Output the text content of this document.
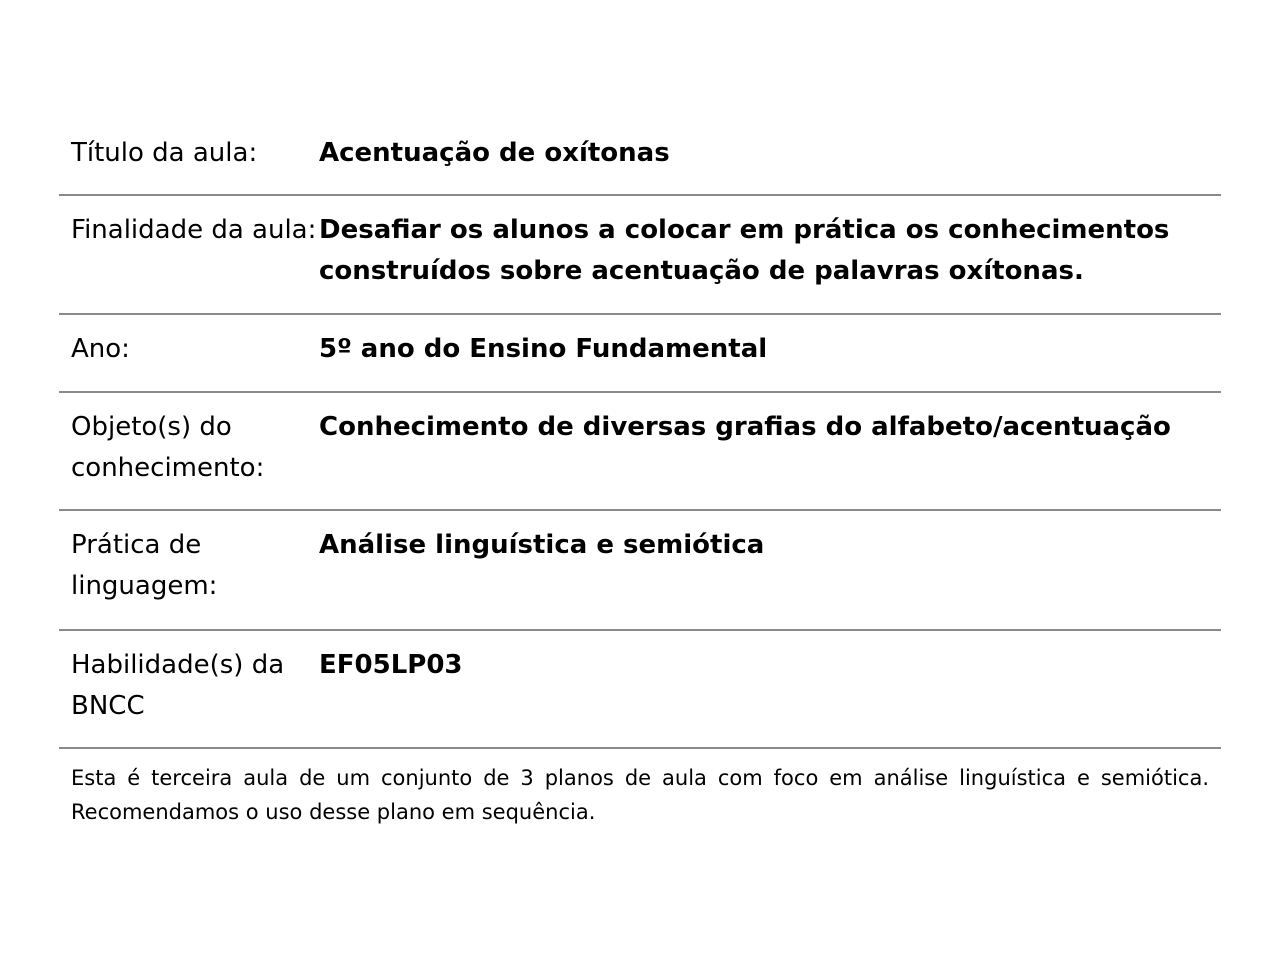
Título da aula:	Acentuação de oxítonas
Finalidade da aula: Desafiar os alunos a colocar em prática os conhecimentos construídos sobre acentuação de palavras oxítonas.
Ano:	5º ano do Ensino Fundamental
Objeto(s) do conhecimento:
Conhecimento de diversas grafias do alfabeto/acentuação
Prática de linguagem:
Análise linguística e semiótica
Habilidade(s) da BNCC
EF05LP03
Esta é terceira aula de um conjunto de 3 planos de aula com foco em análise linguística e semiótica. Recomendamos o uso desse plano em sequência.
